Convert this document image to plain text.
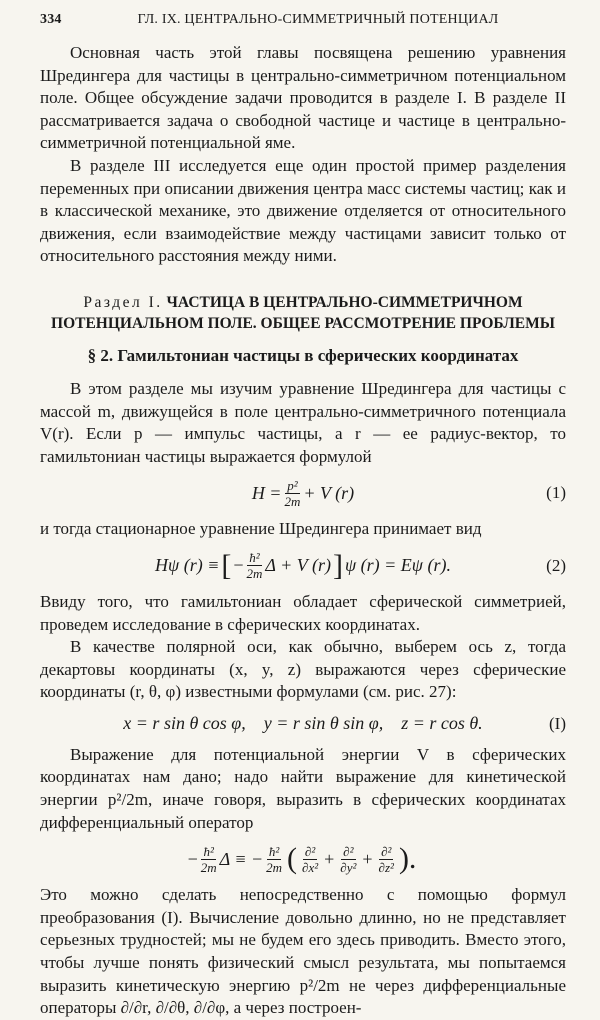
334	ГЛ. IX. ЦЕНТРАЛЬНО-СИММЕТРИЧНЫЙ ПОТЕНЦИАЛ

Основная часть этой главы посвящена решению уравнения Шредингера для частицы в центрально-симметричном потенциальном поле. Общее обсуждение задачи проводится в разделе I. В разделе II рассматривается задача о свободной частице и частице в центрально-симметричной потенциальной яме.

В разделе III исследуется еще один простой пример разделения переменных при описании движения центра масс системы частиц; как и в классической механике, это движение отделяется от относительного движения, если взаимодействие между частицами зависит только от относительного расстояния между ними.

Раздел I. ЧАСТИЦА В ЦЕНТРАЛЬНО-СИММЕТРИЧНОМ
ПОТЕНЦИАЛЬНОМ ПОЛЕ. ОБЩЕЕ РАССМОТРЕНИЕ ПРОБЛЕМЫ
§ 2. Гамильтониан частицы в сферических координатах

В этом разделе мы изучим уравнение Шредингера для частицы с массой m, движущейся в поле центрально-симметричного потенциала V(r). Если p — импульс частицы, а r — ее радиус-вектор, то гамильтониан частицы выражается формулой

$H = \frac{\text{p²}}{2m} + V$ (r)	(1)

и тогда стационарное уравнение Шредингера принимает вид

Hψ (r) ≡ [ − $\frac{\text{ħ²}}{2m}$ Δ + V (r) ] ψ (r) = Eψ (r).	(2)

Ввиду того, что гамильтониан обладает сферической симметрией, проведем исследование в сферических координатах.

В качестве полярной оси, как обычно, выберем ось z, тогда декартовы координаты (x, y, z) выражаются через сферические координаты (r, θ, φ) известными формулами (см. рис. 27):

x = r sin θ cos φ,    y = r sin θ sin φ,    z = r cos θ.	(I)

Выражение для потенциальной энергии V в сферических координатах нам дано; надо найти выражение для кинетической энергии p²/2m, иначе говоря, выразить в сферических координатах дифференциальный оператор

− $\frac{\text{ħ²}}{2m}$ Δ ≡ − $\frac{\text{ħ²}}{2m}$ ( $\frac{\text{∂²}}{\text{∂x²}} + \frac{\text{∂²}}{\text{∂y²}} + \frac{\text{∂²}}{\text{∂z²}}$ ).

Это можно сделать непосредственно с помощью формул преобразования (I). Вычисление довольно длинно, но не представляет серьезных трудностей; мы не будем его здесь приводить. Вместо этого, чтобы лучше понять физический смысл результата, мы попытаемся выразить кинетическую энергию p²/2m не через дифференциальные операторы ∂/∂r, ∂/∂θ, ∂/∂φ, а через построен-
